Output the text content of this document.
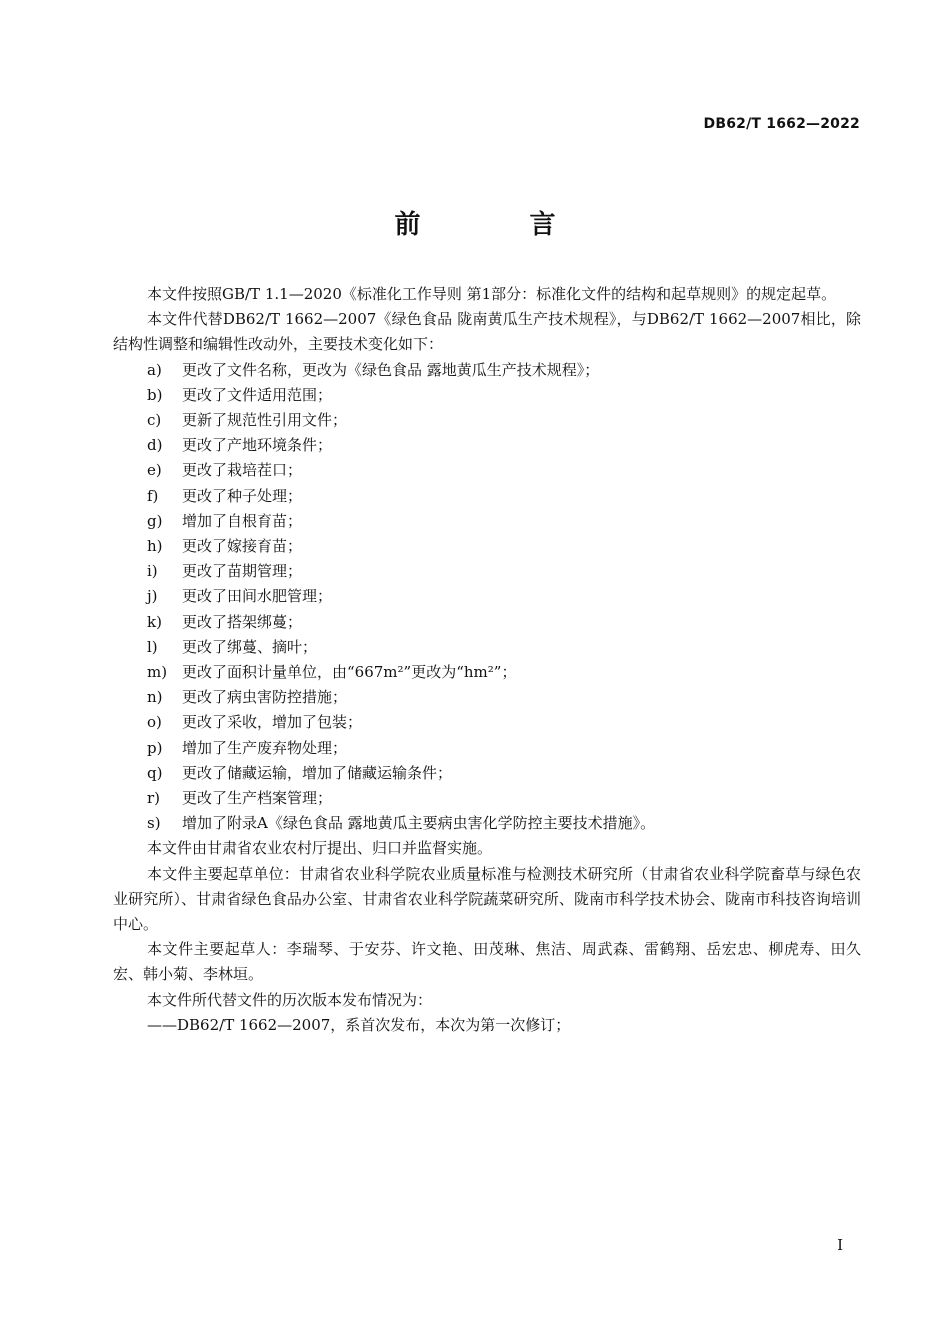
DB62/T 1662—2022
前 言

本文件按照GB/T 1.1—2020《标准化工作导则 第1部分：标准化文件的结构和起草规则》的规定起草。

本文件代替DB62/T 1662—2007《绿色食品 陇南黄瓜生产技术规程》，与DB62/T 1662—2007相比，除结构性调整和编辑性改动外，主要技术变化如下：

a)	更改了文件名称，更改为《绿色食品 露地黄瓜生产技术规程》；
b)	更改了文件适用范围；
c)	更新了规范性引用文件；
d)	更改了产地环境条件；
e)	更改了栽培茬口；
f)	更改了种子处理；
g)	增加了自根育苗；
h)	更改了嫁接育苗；
i)	更改了苗期管理；
j)	更改了田间水肥管理；
k)	更改了搭架绑蔓；
l)	更改了绑蔓、摘叶；
m) 更改了面积计量单位，由“667m²”更改为“hm²”；
n)	更改了病虫害防控措施；
o)	更改了采收，增加了包装；
p)	增加了生产废弃物处理；
q)	更改了储藏运输，增加了储藏运输条件；
r)	更改了生产档案管理；
s)	增加了附录A《绿色食品 露地黄瓜主要病虫害化学防控主要技术措施》。

本文件由甘肃省农业农村厅提出、归口并监督实施。

本文件主要起草单位：甘肃省农业科学院农业质量标准与检测技术研究所（甘肃省农业科学院畜草与绿色农业研究所）、甘肃省绿色食品办公室、甘肃省农业科学院蔬菜研究所、陇南市科学技术协会、陇南市科技咨询培训中心。

本文件主要起草人：李瑞琴、于安芬、许文艳、田茂琳、焦洁、周武森、雷鹤翔、岳宏忠、柳虎寿、田久宏、韩小菊、李林垣。

本文件所代替文件的历次版本发布情况为：

——DB62/T 1662—2007，系首次发布，本次为第一次修订；

I
